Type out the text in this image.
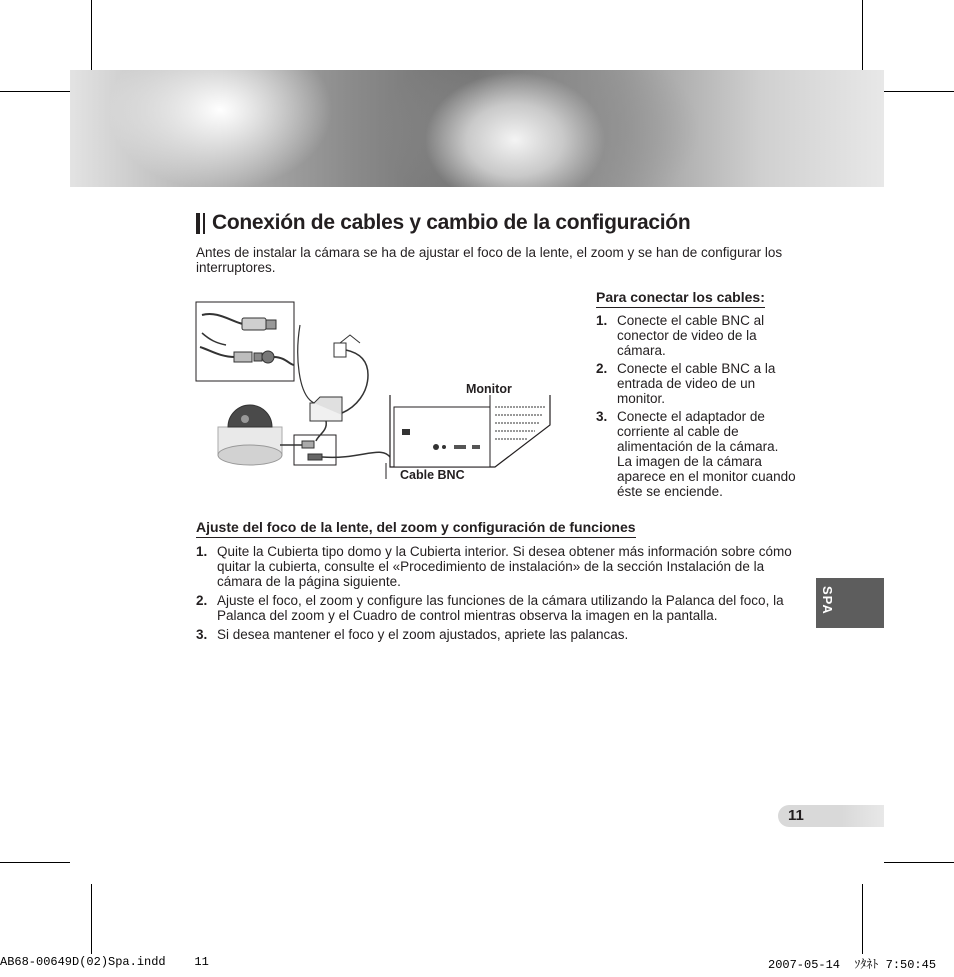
Conexión de cables y cambio de la configuración
Antes de instalar la cámara se ha de ajustar el foco de la lente, el zoom y se han de configurar los interruptores.
Monitor
Cable BNC
Para conectar los cables:
1. Conecte el cable BNC al conector de video de la cámara.
2. Conecte el cable BNC a la entrada de video de un monitor.
3. Conecte el adaptador de corriente al cable de alimentación de la cámara. La imagen de la cámara aparece en el monitor cuando éste se enciende.
Ajuste del foco de la lente, del zoom y configuración de funciones
1. Quite la Cubierta tipo domo y la Cubierta interior. Si desea obtener más información sobre cómo quitar la cubierta, consulte el «Procedimiento de instalación» de la sección Instalación de la cámara de la página siguiente.
2. Ajuste el foco, el zoom y configure las funciones de la cámara utilizando la Palanca del foco, la Palanca del zoom y el Cuadro de control mientras observa la imagen en la pantalla.
3. Si desea mantener el foco y el zoom ajustados, apriete las palancas.
SPA
11
AB68-00649D(02)Spa.indd    11	2007-05-14  ｿﾀﾈﾄ 7:50:45
